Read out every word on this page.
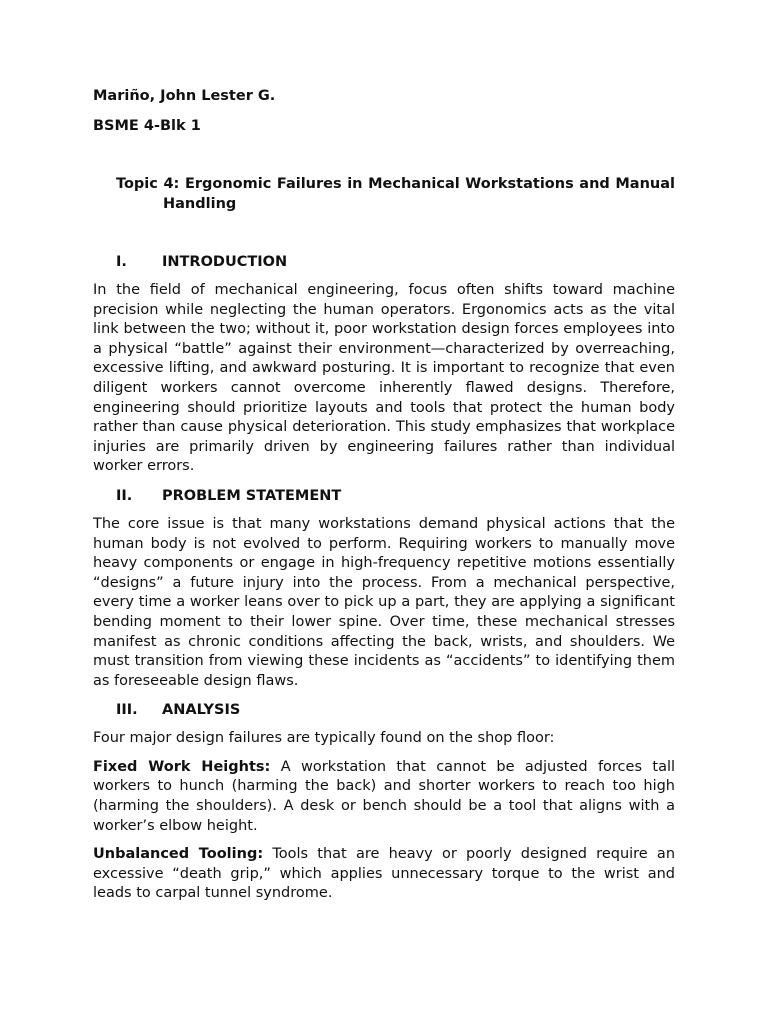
Mariño, John Lester G.

BSME 4-Blk 1

Topic 4: Ergonomic Failures in Mechanical Workstations and Manual Handling

I.	INTRODUCTION

In the field of mechanical engineering, focus often shifts toward machine precision while neglecting the human operators. Ergonomics acts as the vital link between the two; without it, poor workstation design forces employees into a physical “battle” against their environment—characterized by overreaching, excessive lifting, and awkward posturing. It is important to recognize that even diligent workers cannot overcome inherently flawed designs. Therefore, engineering should prioritize layouts and tools that protect the human body rather than cause physical deterioration. This study emphasizes that workplace injuries are primarily driven by engineering failures rather than individual worker errors.

II.	PROBLEM STATEMENT

The core issue is that many workstations demand physical actions that the human body is not evolved to perform. Requiring workers to manually move heavy components or engage in high-frequency repetitive motions essentially “designs” a future injury into the process. From a mechanical perspective, every time a worker leans over to pick up a part, they are applying a significant bending moment to their lower spine. Over time, these mechanical stresses manifest as chronic conditions affecting the back, wrists, and shoulders. We must transition from viewing these incidents as “accidents” to identifying them as foreseeable design flaws.

III.	ANALYSIS

Four major design failures are typically found on the shop floor:

Fixed Work Heights: A workstation that cannot be adjusted forces tall workers to hunch (harming the back) and shorter workers to reach too high (harming the shoulders). A desk or bench should be a tool that aligns with a worker’s elbow height.

Unbalanced Tooling: Tools that are heavy or poorly designed require an excessive “death grip,” which applies unnecessary torque to the wrist and leads to carpal tunnel syndrome.
